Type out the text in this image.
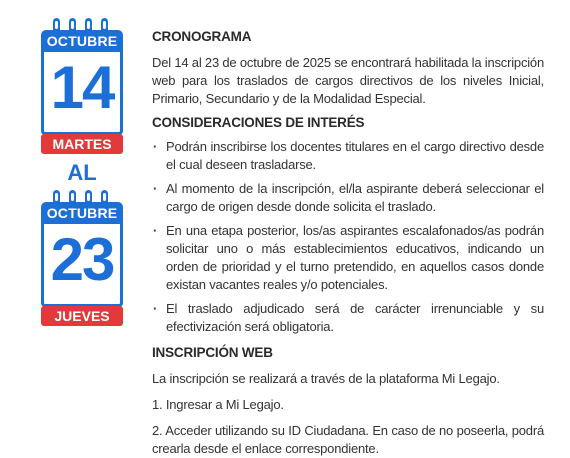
OCTUBRE
14
MARTES
AL
OCTUBRE
23
JUEVES
CRONOGRAMA

Del 14 al 23 de octubre de 2025 se encontrará habilitada la inscripción web para los traslados de cargos directivos de los niveles Inicial, Primario, Secundario y de la Modalidad Especial.

CONSIDERACIONES DE INTERÉS

· Podrán inscribirse los docentes titulares en el cargo directivo desde el cual deseen trasladarse.

· Al momento de la inscripción, el/la aspirante deberá seleccionar el cargo de origen desde donde solicita el traslado.

· En una etapa posterior, los/as aspirantes escalafonados/as podrán solicitar uno o más establecimientos educativos, indicando un orden de prioridad y el turno pretendido, en aquellos casos donde existan vacantes reales y/o potenciales.

· El traslado adjudicado será de carácter irrenunciable y su efectivización será obligatoria.

INSCRIPCIÓN WEB

La inscripción se realizará a través de la plataforma Mi Legajo.

1. Ingresar a Mi Legajo.

2. Acceder utilizando su ID Ciudadana. En caso de no poseerla, podrá crearla desde el enlace correspondiente.
